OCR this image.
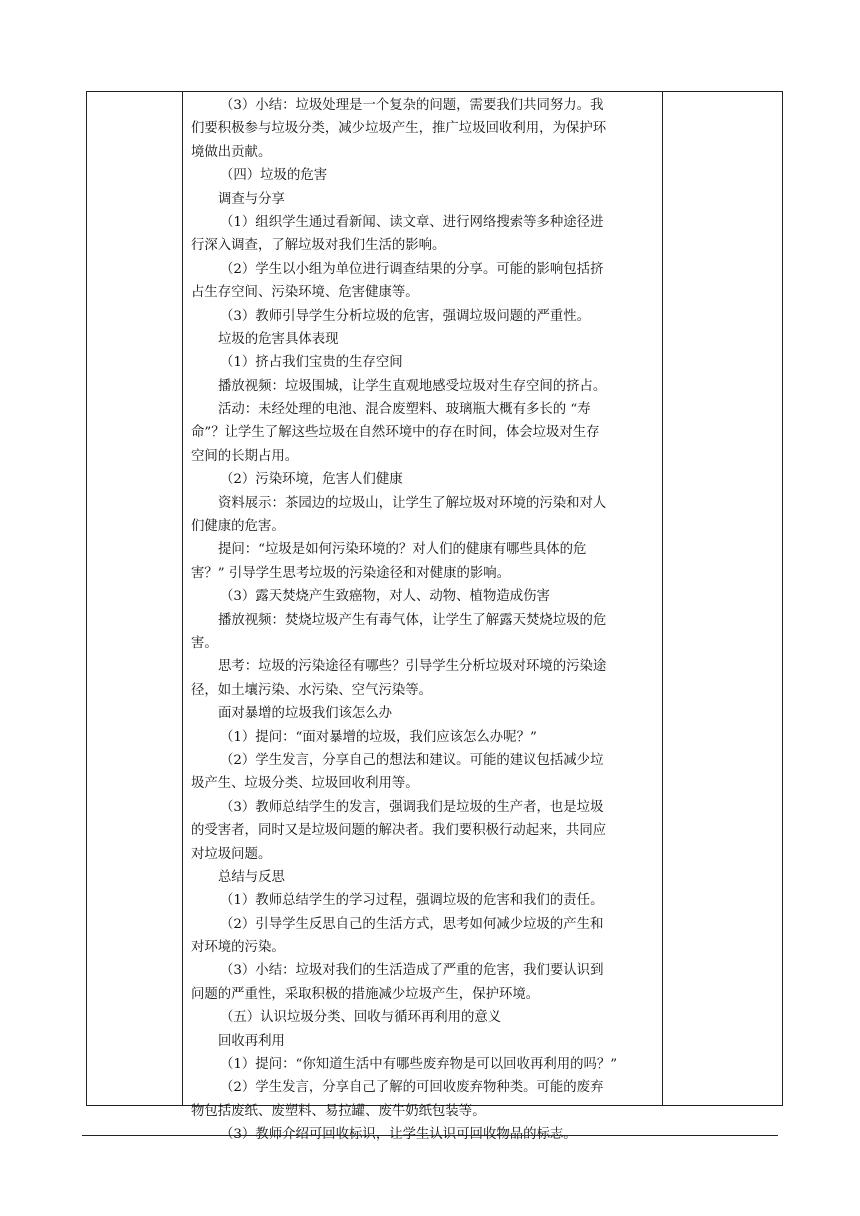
（3）小结：垃圾处理是一个复杂的问题，需要我们共同努力。我
们要积极参与垃圾分类，减少垃圾产生，推广垃圾回收利用，为保护环
境做出贡献。
（四）垃圾的危害
调查与分享
（1）组织学生通过看新闻、读文章、进行网络搜索等多种途径进
行深入调查，了解垃圾对我们生活的影响。
（2）学生以小组为单位进行调查结果的分享。可能的影响包括挤
占生存空间、污染环境、危害健康等。
（3）教师引导学生分析垃圾的危害，强调垃圾问题的严重性。
垃圾的危害具体表现
（1）挤占我们宝贵的生存空间
播放视频：垃圾围城，让学生直观地感受垃圾对生存空间的挤占。
活动：未经处理的电池、混合废塑料、玻璃瓶大概有多长的 “寿
命”？让学生了解这些垃圾在自然环境中的存在时间，体会垃圾对生存
空间的长期占用。
（2）污染环境，危害人们健康
资料展示：茶园边的垃圾山，让学生了解垃圾对环境的污染和对人
们健康的危害。
提问：“垃圾是如何污染环境的？对人们的健康有哪些具体的危
害？” 引导学生思考垃圾的污染途径和对健康的影响。
（3）露天焚烧产生致癌物，对人、动物、植物造成伤害
播放视频：焚烧垃圾产生有毒气体，让学生了解露天焚烧垃圾的危
害。
思考：垃圾的污染途径有哪些？引导学生分析垃圾对环境的污染途
径，如土壤污染、水污染、空气污染等。
面对暴增的垃圾我们该怎么办
（1）提问：“面对暴增的垃圾，我们应该怎么办呢？”
（2）学生发言，分享自己的想法和建议。可能的建议包括减少垃
圾产生、垃圾分类、垃圾回收利用等。
（3）教师总结学生的发言，强调我们是垃圾的生产者，也是垃圾
的受害者，同时又是垃圾问题的解决者。我们要积极行动起来，共同应
对垃圾问题。
总结与反思
（1）教师总结学生的学习过程，强调垃圾的危害和我们的责任。
（2）引导学生反思自己的生活方式，思考如何减少垃圾的产生和
对环境的污染。
（3）小结：垃圾对我们的生活造成了严重的危害，我们要认识到
问题的严重性，采取积极的措施减少垃圾产生，保护环境。
（五）认识垃圾分类、回收与循环再利用的意义
回收再利用
（1）提问：“你知道生活中有哪些废弃物是可以回收再利用的吗？”
（2）学生发言，分享自己了解的可回收废弃物种类。可能的废弃
物包括废纸、废塑料、易拉罐、废牛奶纸包装等。
（3）教师介绍可回收标识，让学生认识可回收物品的标志。
